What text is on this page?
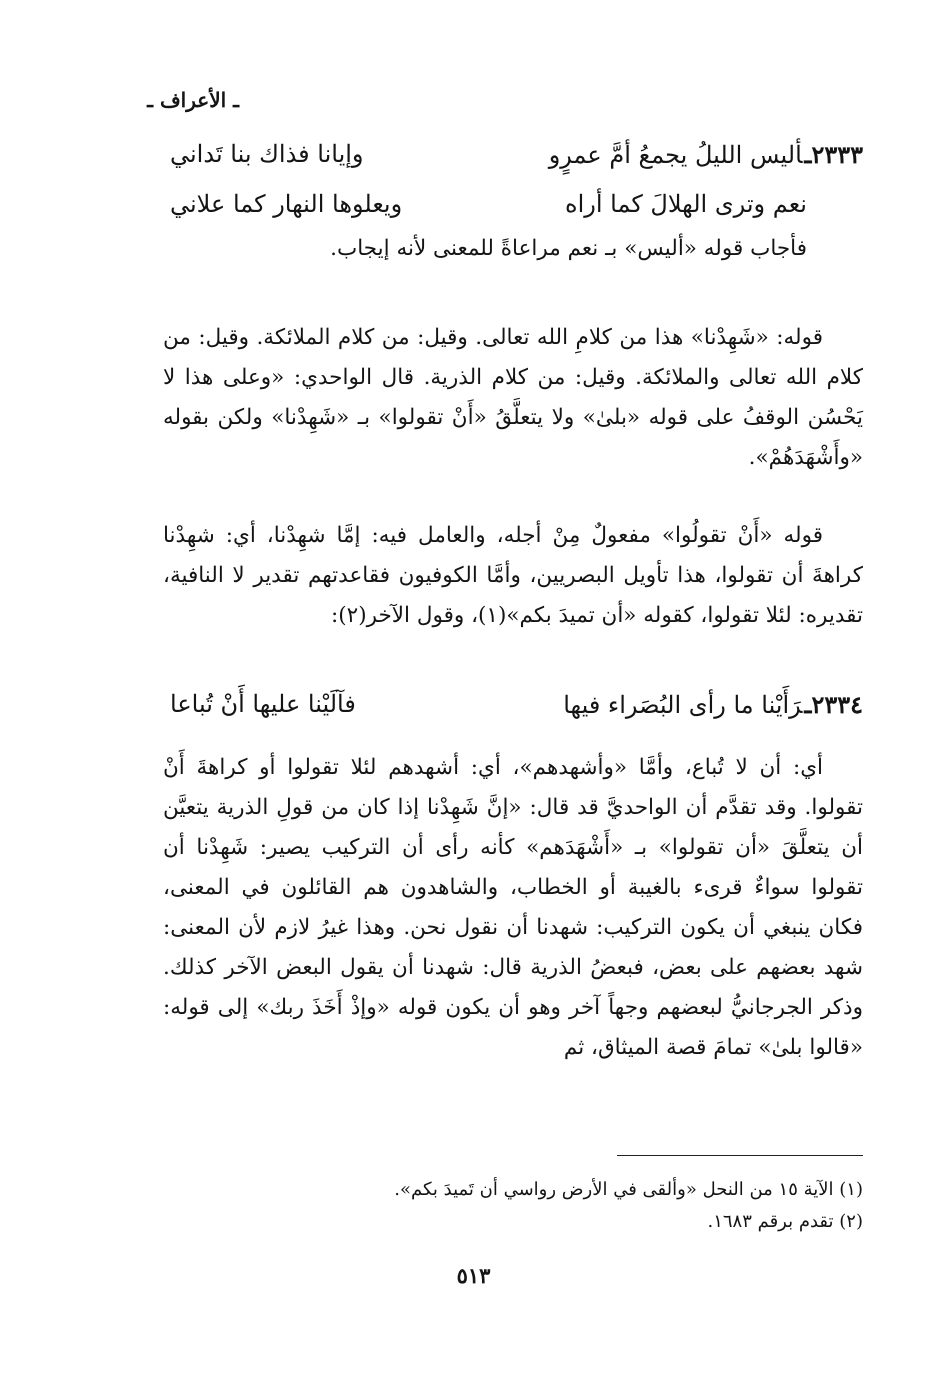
ـ الأعراف ـ
٢٣٣٣ـأليس الليلُ يجمعُ أمَّ عمرٍو
وإيانا فذاك بنا تَداني
نعم وترى الهلالَ كما أراه
ويعلوها النهار كما علاني
فأجاب قوله «أليس» بـ نعم مراعاةً للمعنى لأنه إيجاب.

قوله: «شَهِدْنا» هذا من كلامِ الله تعالى. وقيل: من كلام الملائكة. وقيل: من كلام الله تعالى والملائكة. وقيل: من كلام الذرية. قال الواحدي: «وعلى هذا لا يَحْسُن الوقفُ على قوله «بلىٰ» ولا يتعلَّقُ «أَنْ تقولوا» بـ «شَهِدْنا» ولكن بقوله «وأَشْهَدَهُمْ».

قوله «أَنْ تقولُوا» مفعولٌ مِنْ أجله، والعامل فيه: إمَّا شهِدْنا، أي: شهِدْنا كراهةَ أن تقولوا، هذا تأويل البصريين، وأمَّا الكوفيون فقاعدتهم تقدير لا النافية، تقديره: لئلا تقولوا، كقوله «أن تميدَ بكم»(١)، وقول الآخر(٢):

٢٣٣٤ـرَأَيْنا ما رأى البُصَراء فيها
فآلَيْنا عليها أَنْ تُباعا

أي: أن لا تُباع، وأمَّا «وأشهدهم»، أي: أشهدهم لئلا تقولوا أو كراهةَ أَنْ تقولوا. وقد تقدَّم أن الواحديَّ قد قال: «إنَّ شَهِدْنا إذا كان من قولِ الذرية يتعيَّن أن يتعلَّقَ «أن تقولوا» بـ «أَشْهَدَهم» كأنه رأى أن التركيب يصير: شَهِدْنا أن تقولوا سواءٌ قرىء بالغيبة أو الخطاب، والشاهدون هم القائلون في المعنى، فكان ينبغي أن يكون التركيب: شهدنا أن نقول نحن. وهذا غيرُ لازم لأن المعنى: شهد بعضهم على بعض، فبعضُ الذرية قال: شهدنا أن يقول البعض الآخر كذلك. وذكر الجرجانيُّ لبعضهم وجهاً آخر وهو أن يكون قوله «وإذْ أَخَذَ ربك» إلى قوله: «قالوا بلىٰ» تمامَ قصة الميثاق، ثم

(١) الآية ١٥ من النحل «وألقى في الأرض رواسي أن تَميدَ بكم».
(٢) تقدم برقم ١٦٨٣.
٥١٣
